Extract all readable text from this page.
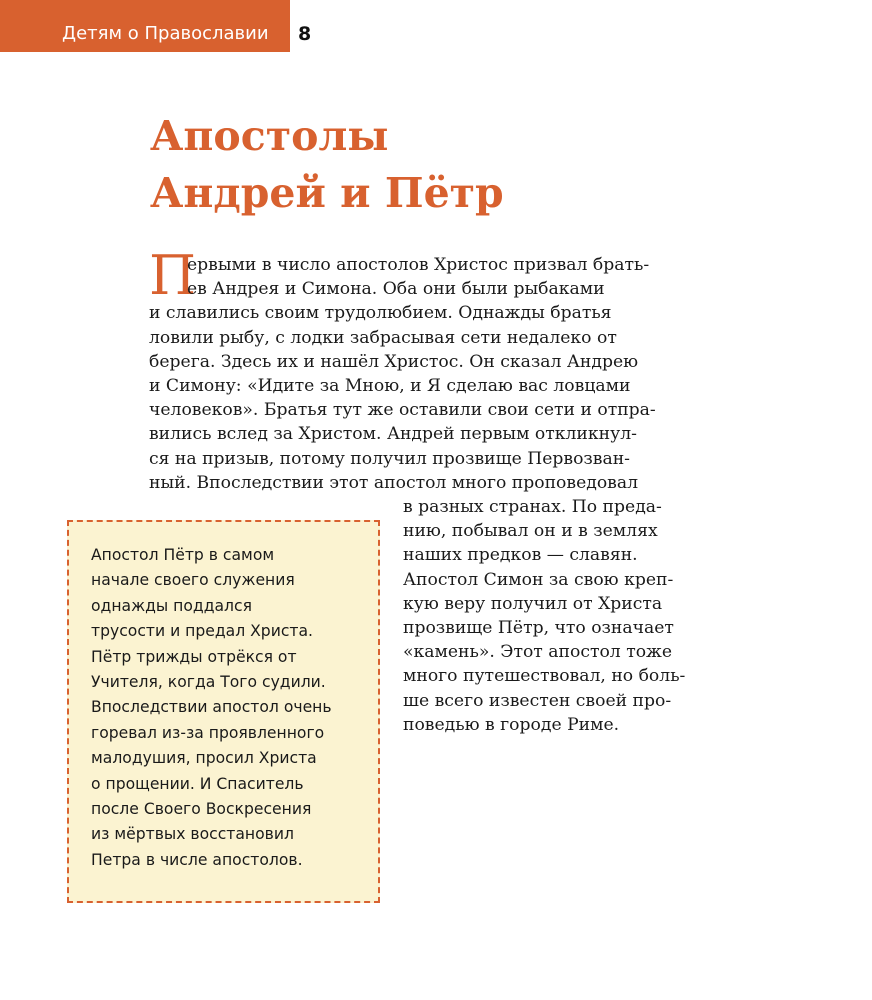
Детям о Православии 8
Апостолы
Андрей и Пётр
П
ервыми в число апостолов Христос призвал брать-
ев Андрея и Симона. Оба они были рыбаками
и славились своим трудолюбием. Однажды братья
ловили рыбу, с лодки забрасывая сети недалеко от
берега. Здесь их и нашёл Христос. Он сказал Андрею
и Симону: «Идите за Мною, и Я сделаю вас ловцами
человеков». Братья тут же оставили свои сети и отпра-
вились вслед за Христом. Андрей первым откликнул-
ся на призыв, потому получил прозвище Первозван-
ный. Впоследствии этот апостол много проповедовал
в разных странах. По преда-
нию, побывал он и в землях
наших предков — славян.
Апостол Симон за свою креп-
кую веру получил от Христа
прозвище Пётр, что означает
«камень». Этот апостол тоже
много путешествовал, но боль-
ше всего известен своей про-
поведью в городе Риме.
Апостол Пётр в самом
начале своего служения
однажды поддался
трусости и предал Христа.
Пётр трижды отрёкся от
Учителя, когда Того судили.
Впоследствии апостол очень
горевал из-за проявленного
малодушия, просил Христа
о прощении. И Спаситель
после Своего Воскресения
из мёртвых восстановил
Петра в числе апостолов.
